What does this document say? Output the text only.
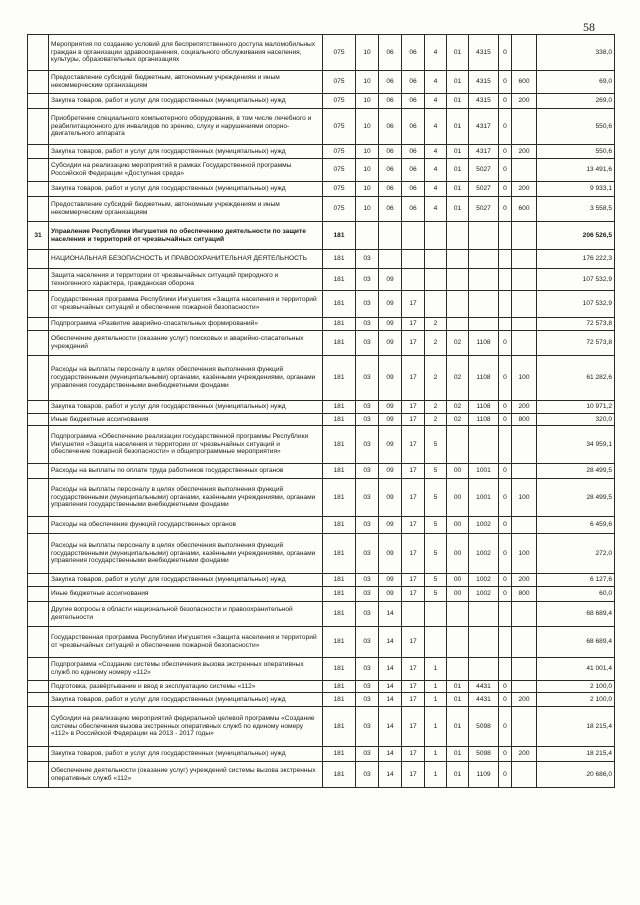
58
	Мероприятия по созданию условий для беспрепятственного доступа маломобильных граждан в организации здравоохранения, социального обслуживания населения, культуры, образовательных организациях	075	10	06	06	4	01	4315	0		338,0
	Предоставление субсидий бюджетным, автономным учреждениям и иным некоммерческим организациям	075	10	06	06	4	01	4315	0	600	69,0
	Закупка товаров, работ и услуг для государственных (муниципальных) нужд	075	10	06	06	4	01	4315	0	200	269,0
	Приобретение специального компьютерного оборудования, в том числе лечебного и реабилитационного для инвалидов по зрению, слуху и нарушениями опорно-двигательного аппарата	075	10	06	06	4	01	4317	0		550,6
	Закупка товаров, работ и услуг для государственных (муниципальных) нужд	075	10	06	06	4	01	4317	0	200	550,6
	Субсидии на реализацию мероприятий в рамках Государственной программы Российской Федерации «Доступная среда»	075	10	06	06	4	01	5027	0		13 491,6
	Закупка товаров, работ и услуг для государственных (муниципальных) нужд	075	10	06	06	4	01	5027	0	200	9 933,1
	Предоставление субсидий бюджетным, автономным учреждениям и иным некоммерческим организациям	075	10	06	06	4	01	5027	0	600	3 558,5
31	Управление Республики Ингушетия по обеспечению деятельности по защите населения и территорий от чрезвычайных ситуаций	181									206 526,5
	НАЦИОНАЛЬНАЯ БЕЗОПАСНОСТЬ И ПРАВООХРАНИТЕЛЬНАЯ ДЕЯТЕЛЬНОСТЬ	181	03								176 222,3
	Защита населения и территории от чрезвычайных ситуаций природного и техногенного характера, гражданская оборона	181	03	09							107 532,9
	Государственная программа Республики Ингушетия «Защита населения и территорий от чрезвычайных ситуаций и обеспечение пожарной безопасности»	181	03	09	17						107 532,9
	Подпрограмма «Развитие аварийно-спасательных формирований»	181	03	09	17	2					72 573,8
	Обеспечение деятельности (оказание услуг) поисковых и аварийно-спасательных учреждений	181	03	09	17	2	02	1108	0		72 573,8
	Расходы на выплаты персоналу в целях обеспечения выполнения функций государственными (муниципальными) органами, казёнными учреждениями, органами управления государственными внебюджетными фондами	181	03	09	17	2	02	1108	0	100	61 282,6
	Закупка товаров, работ и услуг для государственных (муниципальных) нужд	181	03	09	17	2	02	1108	0	200	10 971,2
	Иные бюджетные ассигнования	181	03	09	17	2	02	1108	0	800	320,0
	Подпрограмма «Обеспечение реализации государственной программы Республики Ингушетия «Защита населения и территории от чрезвычайных ситуаций и обеспечение пожарной безопасности» и общепрограммные мероприятия»	181	03	09	17	5					34 959,1
	Расходы на выплаты по оплате труда работников государственных органов	181	03	09	17	5	00	1001	0		28 499,5
	Расходы на выплаты персоналу в целях обеспечения выполнения функций государственными (муниципальными) органами, казёнными учреждениями, органами управления государственными внебюджетными фондами	181	03	09	17	5	00	1001	0	100	28 499,5
	Расходы на обеспечение функций государственных органов	181	03	09	17	5	00	1002	0		6 459,6
	Расходы на выплаты персоналу в целях обеспечения выполнения функций государственными (муниципальными) органами, казёнными учреждениями, органами управления государственными внебюджетными фондами	181	03	09	17	5	00	1002	0	100	272,0
	Закупка товаров, работ и услуг для государственных (муниципальных) нужд	181	03	09	17	5	00	1002	0	200	6 127,6
	Иные бюджетные ассигнования	181	03	09	17	5	00	1002	0	800	60,0
	Другие вопросы в области национальной безопасности и правоохранительной деятельности	181	03	14							68 689,4
	Государственная программа Республики Ингушетия «Защита населения и территорий от чрезвычайных ситуаций и обеспечение пожарной безопасности»	181	03	14	17						68 689,4
	Подпрограмма «Создание системы обеспечения вызова экстренных оперативных служб по единому номеру «112»	181	03	14	17	1					41 001,4
	Подготовка, развёртывание и ввод в эксплуатацию системы «112»	181	03	14	17	1	01	4431	0		2 100,0
	Закупка товаров, работ и услуг для государственных (муниципальных) нужд	181	03	14	17	1	01	4431	0	200	2 100,0
	Субсидии на реализацию мероприятий федеральной целевой программы «Создание системы обеспечения вызова экстренных оперативных служб по единому номеру «112» в Российской Федерации на 2013 - 2017 годы»	181	03	14	17	1	01	5098	0		18 215,4
	Закупка товаров, работ и услуг для государственных (муниципальных) нужд	181	03	14	17	1	01	5098	0	200	18 215,4
	Обеспечение деятельности (оказание услуг) учреждений системы вызова экстренных оперативных служб «112»	181	03	14	17	1	01	1109	0		20 686,0
